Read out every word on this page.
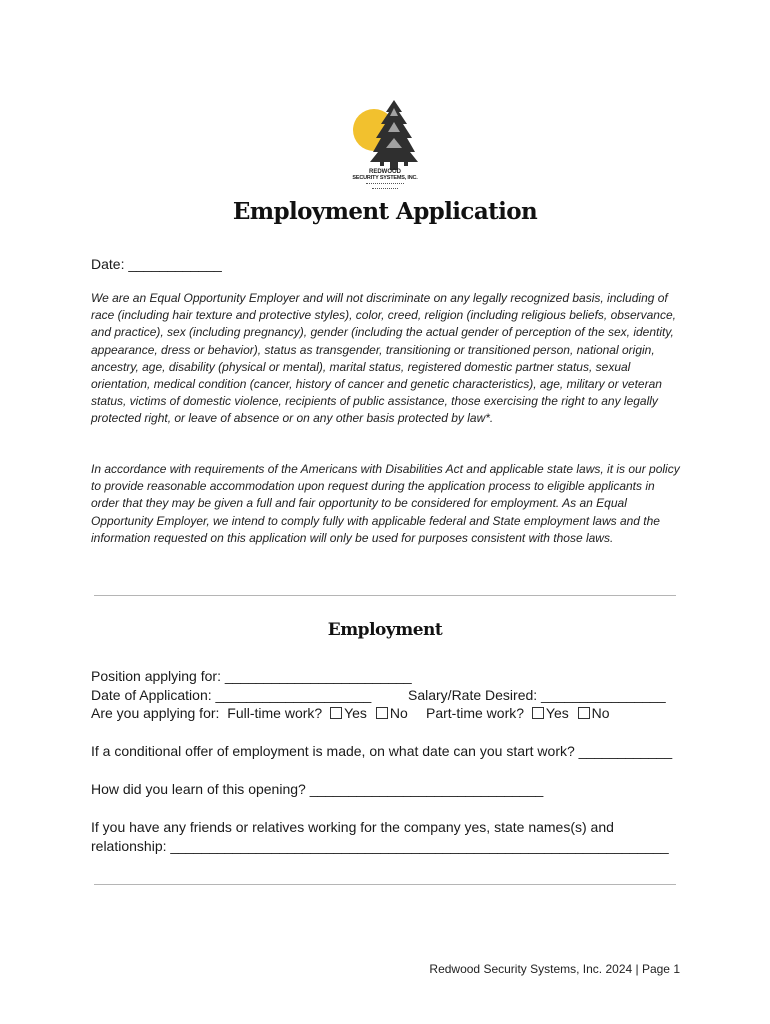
REDWOOD
SECURITY SYSTEMS, INC.
Employment Application
Date: ____________

We are an Equal Opportunity Employer and will not discriminate on any legally recognized basis, including of race (including hair texture and protective styles), color, creed, religion (including religious beliefs, observance, and practice), sex (including pregnancy), gender (including the actual gender of perception of the sex, identity, appearance, dress or behavior), status as transgender, transitioning or transitioned person, national origin, ancestry, age, disability (physical or mental), marital status, registered domestic partner status, sexual orientation, medical condition (cancer, history of cancer and genetic characteristics), age, military or veteran status, victims of domestic violence, recipients of public assistance, those exercising the right to any legally protected right, or leave of absence or on any other basis protected by law*.

In accordance with requirements of the Americans with Disabilities Act and applicable state laws, it is our policy to provide reasonable accommodation upon request during the application process to eligible applicants in order that they may be given a full and fair opportunity to be considered for employment. As an Equal Opportunity Employer, we intend to comply fully with applicable federal and State employment laws and the information requested on this application will only be used for purposes consistent with those laws.

Employment
Position applying for: ________________________
Date of Application: ____________________	Salary/Rate Desired: ________________
Are you applying for: Full-time work? Yes No Part-time work? Yes No
If a conditional offer of employment is made, on what date can you start work? ____________
How did you learn of this opening? ______________________________
If you have any friends or relatives working for the company yes, state names(s) and
relationship: ________________________________________________________________
Redwood Security Systems, Inc. 2024 | Page 1
